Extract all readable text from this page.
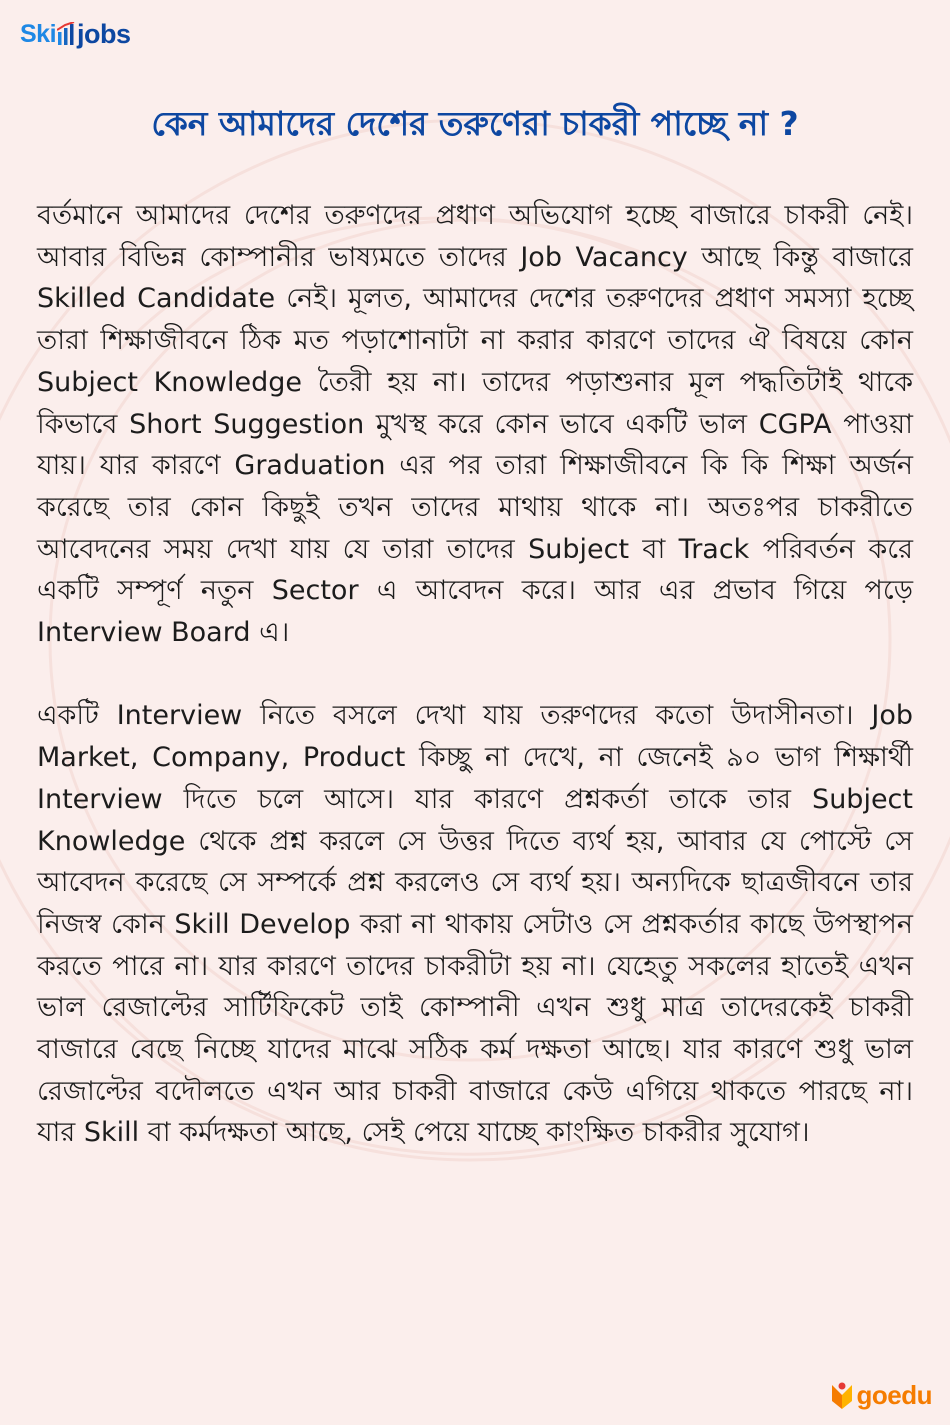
Ski jobs
কেন আমাদের দেশের তরুণেরা চাকরী পাচ্ছে না ?

বর্তমানে আমাদের দেশের তরুণদের প্রধাণ অভিযোগ হচ্ছে বাজারে চাকরী নেই। আবার বিভিন্ন কোম্পানীর ভাষ্যমতে তাদের Job Vacancy আছে কিন্তু বাজারে Skilled Candidate নেই। মূলত, আমাদের দেশের তরুণদের প্রধাণ সমস্যা হচ্ছে তারা শিক্ষাজীবনে ঠিক মত পড়াশোনাটা না করার কারণে তাদের ঐ বিষয়ে কোন Subject Knowledge তৈরী হয় না। তাদের পড়াশুনার মূল পদ্ধতিটাই থাকে কিভাবে Short Suggestion মুখস্থ করে কোন ভাবে একটি ভাল CGPA পাওয়া যায়। যার কারণে Graduation এর পর তারা শিক্ষাজীবনে কি কি শিক্ষা অর্জন করেছে তার কোন কিছুই তখন তাদের মাথায় থাকে না। অতঃপর চাকরীতে আবেদনের সময় দেখা যায় যে তারা তাদের Subject বা Track পরিবর্তন করে একটি সম্পূর্ণ নতুন Sector এ আবেদন করে। আর এর প্রভাব গিয়ে পড়ে Interview Board এ।

একটি Interview নিতে বসলে দেখা যায় তরুণদের কতো উদাসীনতা। Job Market, Company, Product কিচ্ছু না দেখে, না জেনেই ৯০ ভাগ শিক্ষার্থী Interview দিতে চলে আসে। যার কারণে প্রশ্নকর্তা তাকে তার Subject Knowledge থেকে প্রশ্ন করলে সে উত্তর দিতে ব্যর্থ হয়, আবার যে পোস্টে সে আবেদন করেছে সে সম্পর্কে প্রশ্ন করলেও সে ব্যর্থ হয়। অন্যদিকে ছাত্রজীবনে তার নিজস্ব কোন Skill Develop করা না থাকায় সেটাও সে প্রশ্নকর্তার কাছে উপস্থাপন করতে পারে না। যার কারণে তাদের চাকরীটা হয় না। যেহেতু সকলের হাতেই এখন ভাল রেজাল্টের সার্টিফিকেট তাই কোম্পানী এখন শুধু মাত্র তাদেরকেই চাকরী বাজারে বেছে নিচ্ছে যাদের মাঝে সঠিক কর্ম দক্ষতা আছে। যার কারণে শুধু ভাল রেজাল্টের বদৌলতে এখন আর চাকরী বাজারে কেউ এগিয়ে থাকতে পারছে না। যার Skill বা কর্মদক্ষতা আছে, সেই পেয়ে যাচ্ছে কাংক্ষিত চাকরীর সুযোগ।

goedu
